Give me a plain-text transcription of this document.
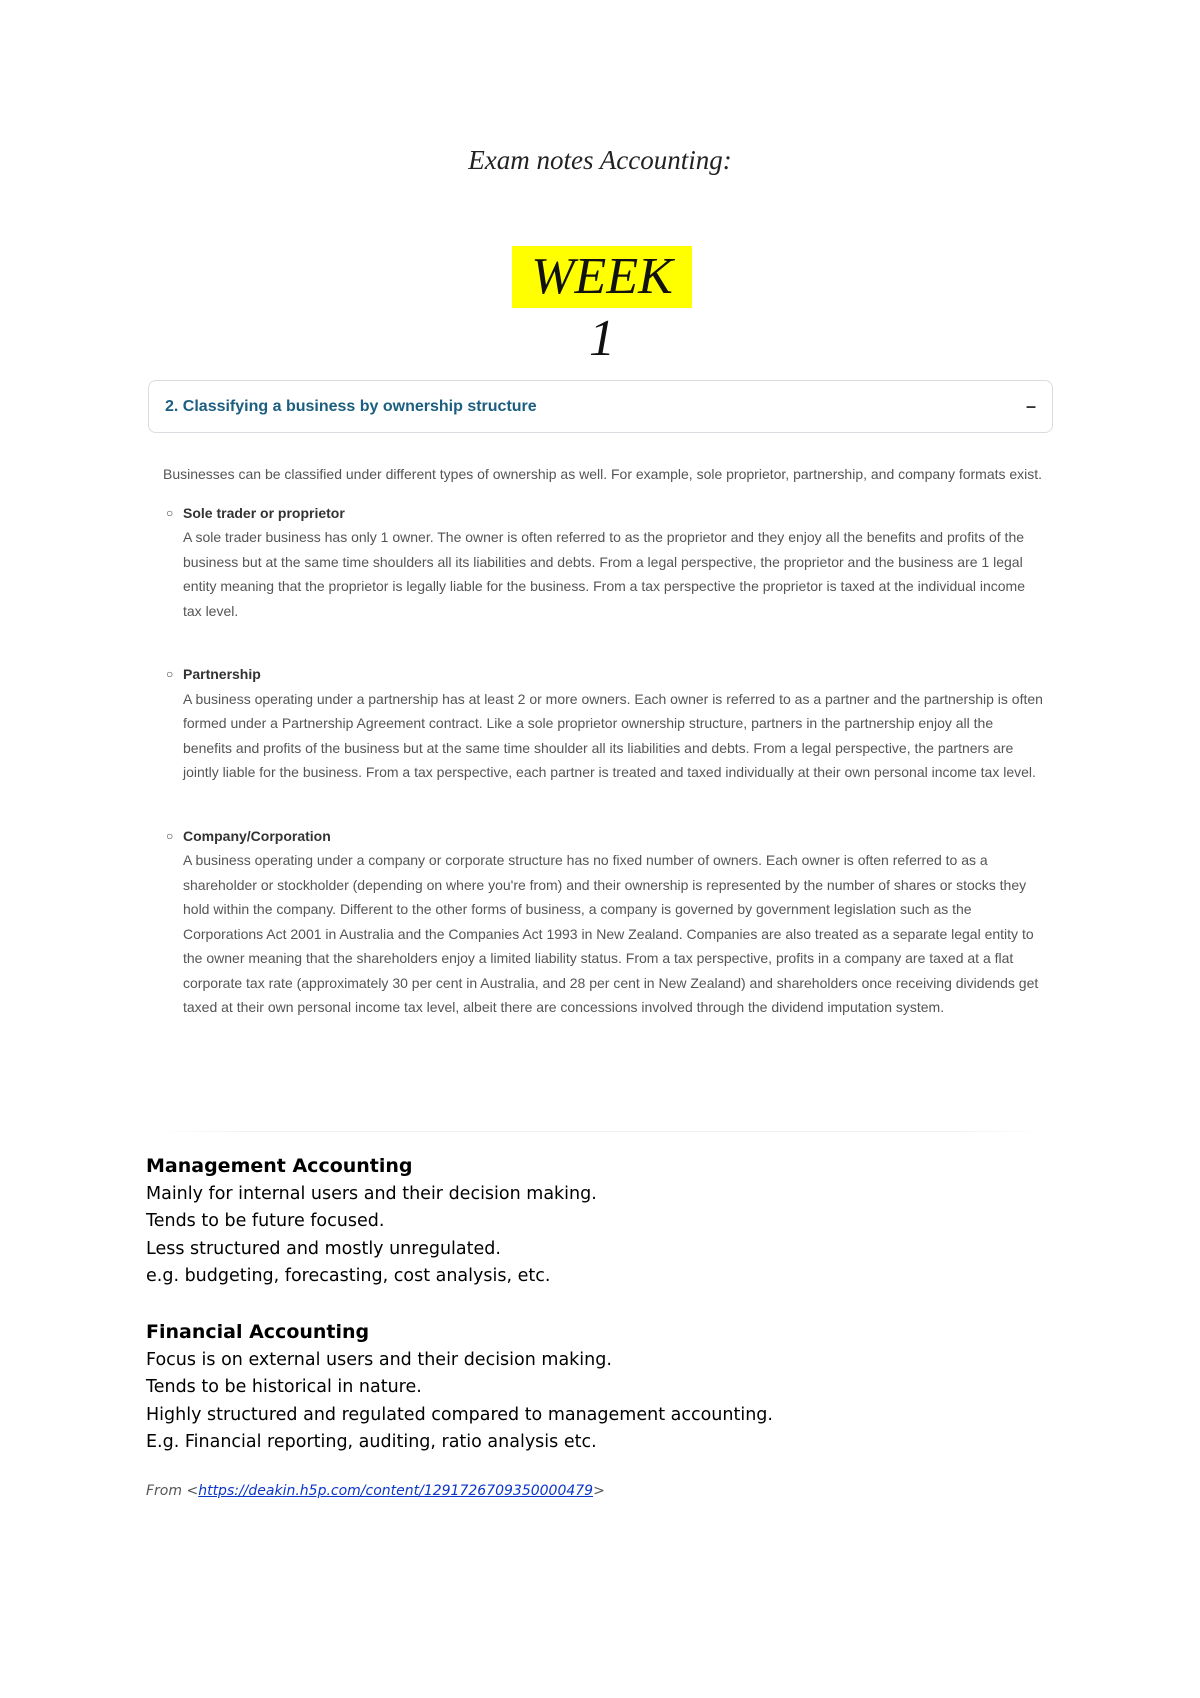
Exam notes Accounting:
WEEK 1
2. Classifying a business by ownership structure	–

Businesses can be classified under different types of ownership as well. For example, sole proprietor, partnership, and company formats exist.

○ Sole trader or proprietor

A sole trader business has only 1 owner. The owner is often referred to as the proprietor and they enjoy all the benefits and profits of the business but at the same time shoulders all its liabilities and debts. From a legal perspective, the proprietor and the business are 1 legal entity meaning that the proprietor is legally liable for the business. From a tax perspective the proprietor is taxed at the individual income tax level.

○ Partnership

A business operating under a partnership has at least 2 or more owners. Each owner is referred to as a partner and the partnership is often formed under a Partnership Agreement contract. Like a sole proprietor ownership structure, partners in the partnership enjoy all the benefits and profits of the business but at the same time shoulder all its liabilities and debts. From a legal perspective, the partners are jointly liable for the business. From a tax perspective, each partner is treated and taxed individually at their own personal income tax level.

○ Company/Corporation

A business operating under a company or corporate structure has no fixed number of owners. Each owner is often referred to as a shareholder or stockholder (depending on where you're from) and their ownership is represented by the number of shares or stocks they hold within the company. Different to the other forms of business, a company is governed by government legislation such as the Corporations Act 2001 in Australia and the Companies Act 1993 in New Zealand. Companies are also treated as a separate legal entity to the owner meaning that the shareholders enjoy a limited liability status. From a tax perspective, profits in a company are taxed at a flat corporate tax rate (approximately 30 per cent in Australia, and 28 per cent in New Zealand) and shareholders once receiving dividends get taxed at their own personal income tax level, albeit there are concessions involved through the dividend imputation system.

Management Accounting

Mainly for internal users and their decision making.

Tends to be future focused.

Less structured and mostly unregulated.

e.g. budgeting, forecasting, cost analysis, etc.

Financial Accounting

Focus is on external users and their decision making.

Tends to be historical in nature.

Highly structured and regulated compared to management accounting.

E.g. Financial reporting, auditing, ratio analysis etc.

From <https://deakin.h5p.com/content/1291726709350000479>
